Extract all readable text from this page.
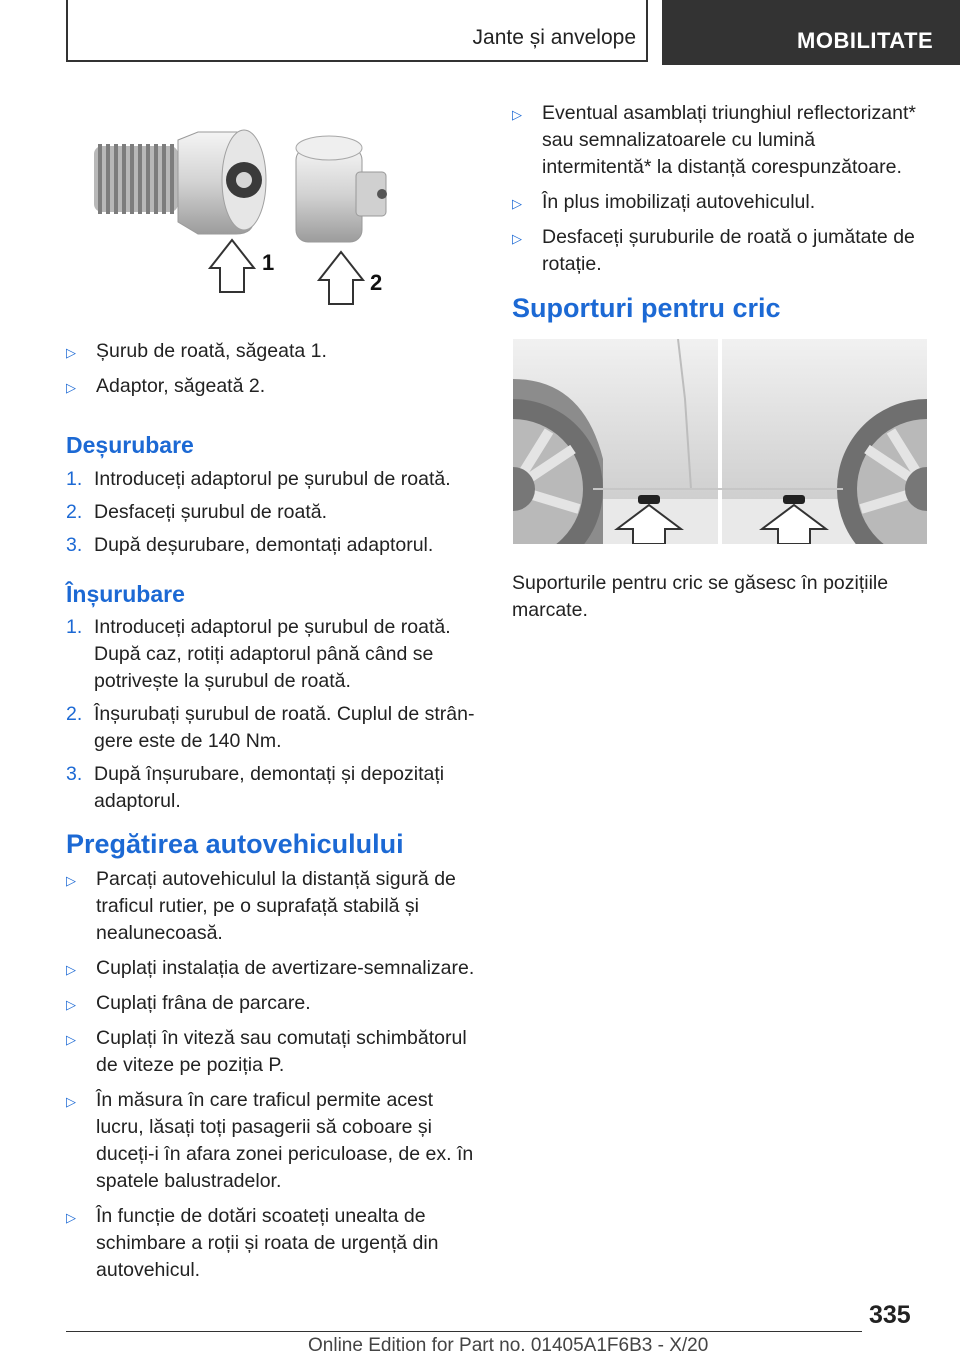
Jante și anvelope	MOBILITATE
1
2
▷ Șurub de roată, săgeata 1.
▷ Adaptor, săgeată 2.
Deșurubare
1. Introduceți adaptorul pe șurubul de roată.
2. Desfaceți șurubul de roată.
3. După deșurubare, demontați adaptorul.
Înșurubare
1. Introduceți adaptorul pe șurubul de roată. După caz, rotiți adaptorul până când se potrivește la șurubul de roată.
2. Înșurubați șurubul de roată. Cuplul de strângere este de 140 Nm.
3. După înșurubare, demontați și depozitați adaptorul.
Pregătirea autovehiculului
▷ Parcați autovehiculul la distanță sigură de traficul rutier, pe o suprafață stabilă și nealunecoasă.
▷ Cuplați instalația de avertizare-semnalizare.
▷ Cuplați frâna de parcare.
▷ Cuplați în viteză sau comutați schimbătorul de viteze pe poziția P.
▷ În măsura în care traficul permite acest lucru, lăsați toți pasagerii să coboare și duceți-i în afara zonei periculoase, de ex. în spatele balustradelor.
▷ În funcție de dotări scoateți unealta de schimbare a roții și roata de urgență din autovehicul.
▷ Eventual asamblați triunghiul reflectorizant* sau semnalizatoarele cu lumină intermitentă* la distanță corespunzătoare.
▷ În plus imobilizați autovehiculul.
▷ Desfaceți șuruburile de roată o jumătate de rotație.
Suporturi pentru cric

Suporturile pentru cric se găsesc în pozițiile marcate.

335
Online Edition for Part no. 01405A1F6B3 - X/20
